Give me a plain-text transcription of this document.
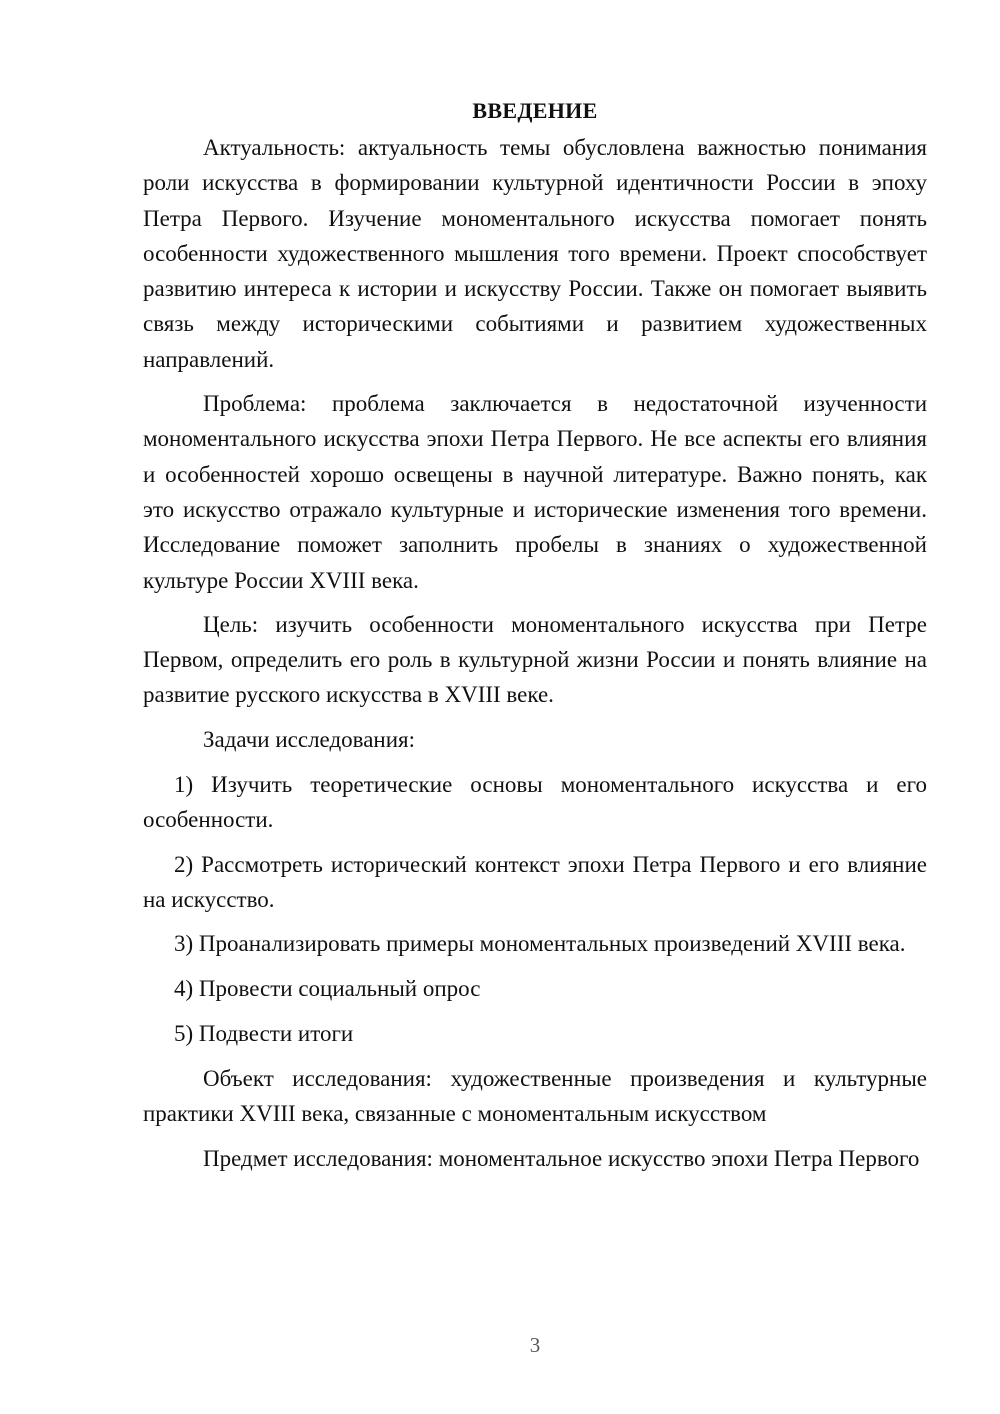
ВВЕДЕНИЕ

Актуальность: актуальность темы обусловлена важностью понимания роли искусства в формировании культурной идентичности России в эпоху Петра Первого. Изучение мономентального искусства помогает понять особенности художественного мышления того времени. Проект способствует развитию интереса к истории и искусству России. Также он помогает выявить связь между историческими событиями и развитием художественных направлений.

Проблема: проблема заключается в недостаточной изученности мономентального искусства эпохи Петра Первого. Не все аспекты его влияния и особенностей хорошо освещены в научной литературе. Важно понять, как это искусство отражало культурные и исторические изменения того времени. Исследование поможет заполнить пробелы в знаниях о художественной культуре России XVIII века.

Цель: изучить особенности мономентального искусства при Петре Первом, определить его роль в культурной жизни России и понять влияние на развитие русского искусства в XVIII веке.

Задачи исследования:

1) Изучить теоретические основы мономентального искусства и его особенности.

2) Рассмотреть исторический контекст эпохи Петра Первого и его влияние на искусство.

3) Проанализировать примеры мономентальных произведений XVIII века.

4) Провести социальный опрос

5) Подвести итоги

Объект исследования: художественные произведения и культурные практики XVIII века, связанные с мономентальным искусством

Предмет исследования: мономентальное искусство эпохи Петра Первого

3
